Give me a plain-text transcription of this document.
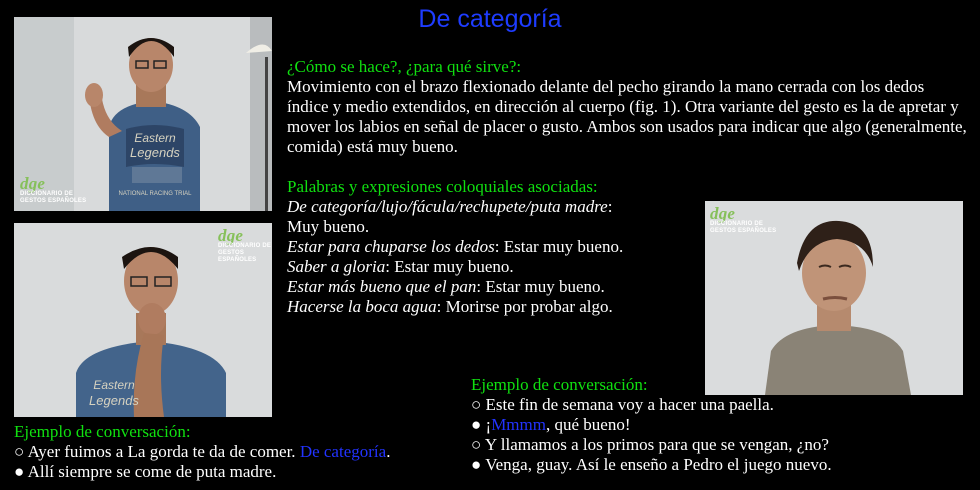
De categoría
Eastern
Legends
NATIONAL RACING TRIAL
dge
DICCIONARIO DE
GESTOS ESPAÑOLES
Eastern
Legends
dge
DICCIONARIO DE
GESTOS ESPAÑOLES
dge
DICCIONARIO DE
GESTOS ESPAÑOLES

¿Cómo se hace?, ¿para qué sirve?:

Movimiento con el brazo flexionado delante del pecho girando la mano cerrada con los dedos índice y medio extendidos, en dirección al cuerpo (fig. 1). Otra variante del gesto es la de apretar y mover los labios en señal de placer o gusto. Ambos son usados para indicar que algo (generalmente, comida) está muy bueno.

Palabras y expresiones coloquiales asociadas:

De categoría/lujo/fácula/rechupete/puta madre:
Muy bueno.

Estar para chuparse los dedos: Estar muy bueno.

Saber a gloria: Estar muy bueno.

Estar más bueno que el pan: Estar muy bueno.

Hacerse la boca agua: Morirse por probar algo.

Ejemplo de conversación:

○ Ayer fuimos a La gorda te da de comer. De categoría.

● Allí siempre se come de puta madre.

Ejemplo de conversación:

○ Este fin de semana voy a hacer una paella.

● ¡Mmmm, qué bueno!

○ Y llamamos a los primos para que se vengan, ¿no?

● Venga, guay. Así le enseño a Pedro el juego nuevo.
